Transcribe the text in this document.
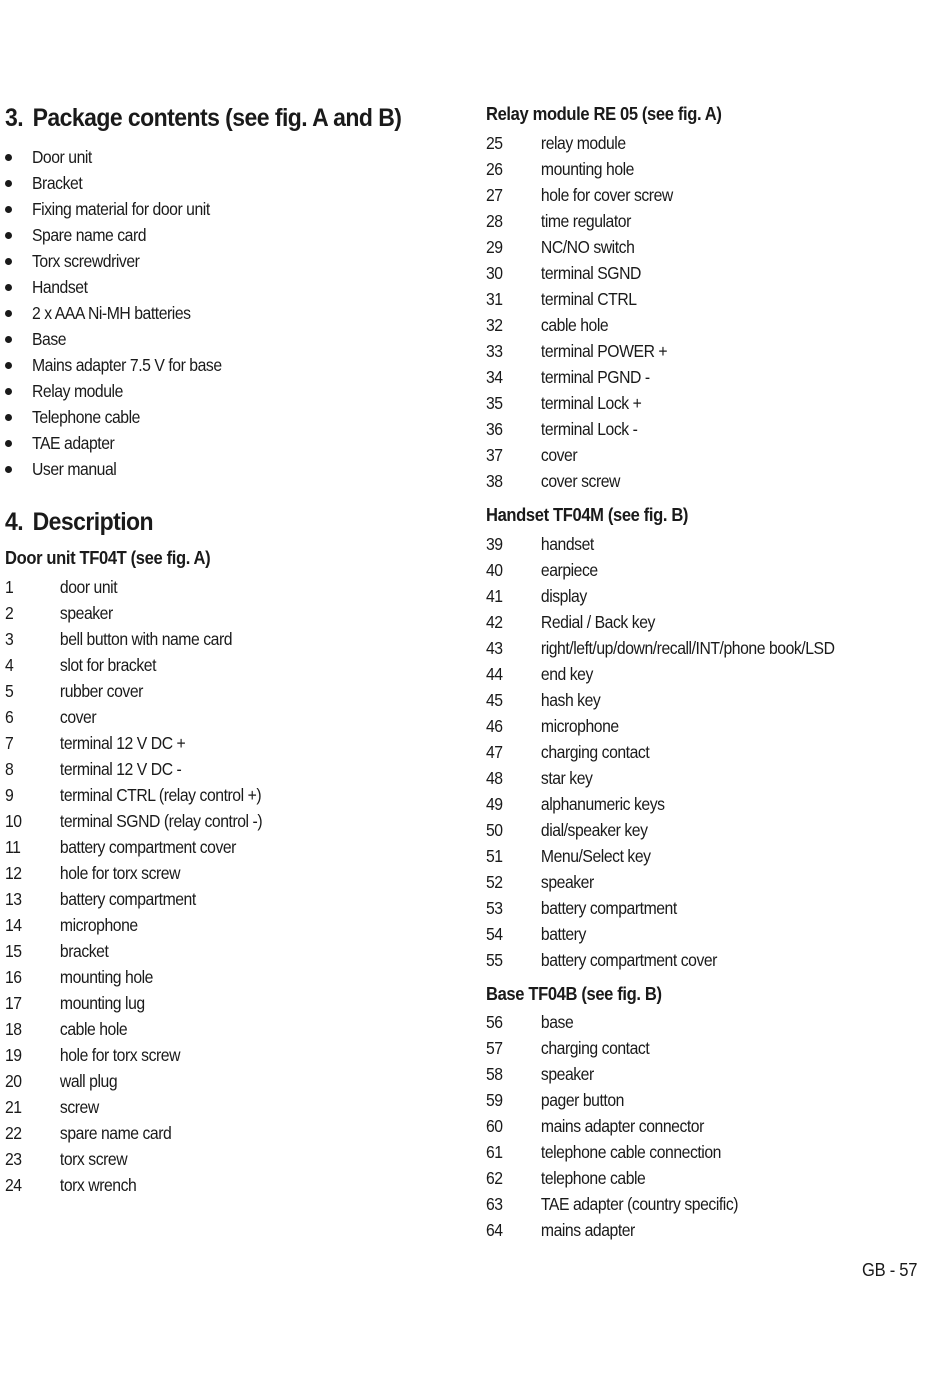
3. Package contents (see fig. A and B)
Door unit
Bracket
Fixing material for door unit
Spare name card
Torx screwdriver
Handset
2 x AAA Ni-MH batteries
Base
Mains adapter 7.5 V for base
Relay module
Telephone cable
TAE adapter
User manual
4. Description
Door unit TF04T (see fig. A)
1	door unit
2	speaker
3	bell button with name card
4	slot for bracket
5	rubber cover
6	cover
7	terminal 12 V DC +
8	terminal 12 V DC -
9	terminal CTRL (relay control +)
10 terminal SGND (relay control -)
11 battery compartment cover
12 hole for torx screw
13 battery compartment
14 microphone
15 bracket
16 mounting hole
17 mounting lug
18 cable hole
19 hole for torx screw
20 wall plug
21 screw
22 spare name card
23 torx screw
24 torx wrench
Relay module RE 05 (see fig. A)
25 relay module
26 mounting hole
27 hole for cover screw
28 time regulator
29 NC/NO switch
30 terminal SGND
31 terminal CTRL
32 cable hole
33 terminal POWER +
34 terminal PGND -
35 terminal Lock +
36 terminal Lock -
37 cover
38 cover screw
Handset TF04M (see fig. B)
39 handset
40 earpiece
41 display
42 Redial / Back key
43 right/left/up/down/recall/INT/phone book/LSD
44 end key
45 hash key
46 microphone
47 charging contact
48 star key
49 alphanumeric keys
50 dial/speaker key
51 Menu/Select key
52 speaker
53 battery compartment
54 battery
55 battery compartment cover
Base TF04B (see fig. B)
56 base
57 charging contact
58 speaker
59 pager button
60 mains adapter connector
61 telephone cable connection
62 telephone cable
63 TAE adapter (country specific)
64 mains adapter
GB - 57
